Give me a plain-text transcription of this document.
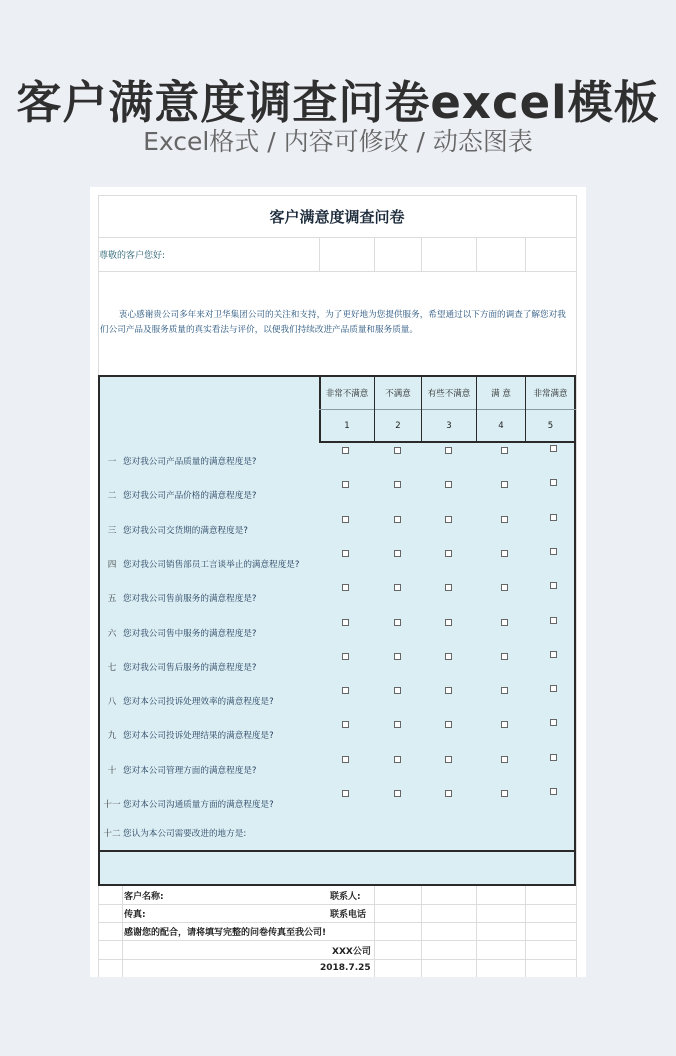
客户满意度调查问卷excel模板
Excel格式 / 内容可修改 / 动态图表
客户满意度调查问卷
尊敬的客户您好:
衷心感谢贵公司多年来对卫华集团公司的关注和支持，为了更好地为您提供服务，希望通过以下方面的调查了解您对我们公司产品及服务质量的真实看法与评价，以便我们持续改进产品质量和服务质量。
非常不满意	不满意	有些不满意	满 意	非常满意
1	2	3	4	5
一 您对我公司产品质量的满意程度是?
二 您对我公司产品价格的满意程度是?
三 您对我公司交货期的满意程度是?
四 您对我公司销售部员工言谈举止的满意程度是?
五 您对我公司售前服务的满意程度是?
六 您对我公司售中服务的满意程度是?
七 您对我公司售后服务的满意程度是?
八 您对本公司投诉处理效率的满意程度是?
九 您对本公司投诉处理结果的满意程度是?
十 您对本公司管理方面的满意程度是?
十一 您对本公司沟通质量方面的满意程度是?
十二 您认为本公司需要改进的地方是:
客户名称:	联系人:
传真:	联系电话
感谢您的配合，请将填写完整的问卷传真至我公司!
XXX公司
2018.7.25
